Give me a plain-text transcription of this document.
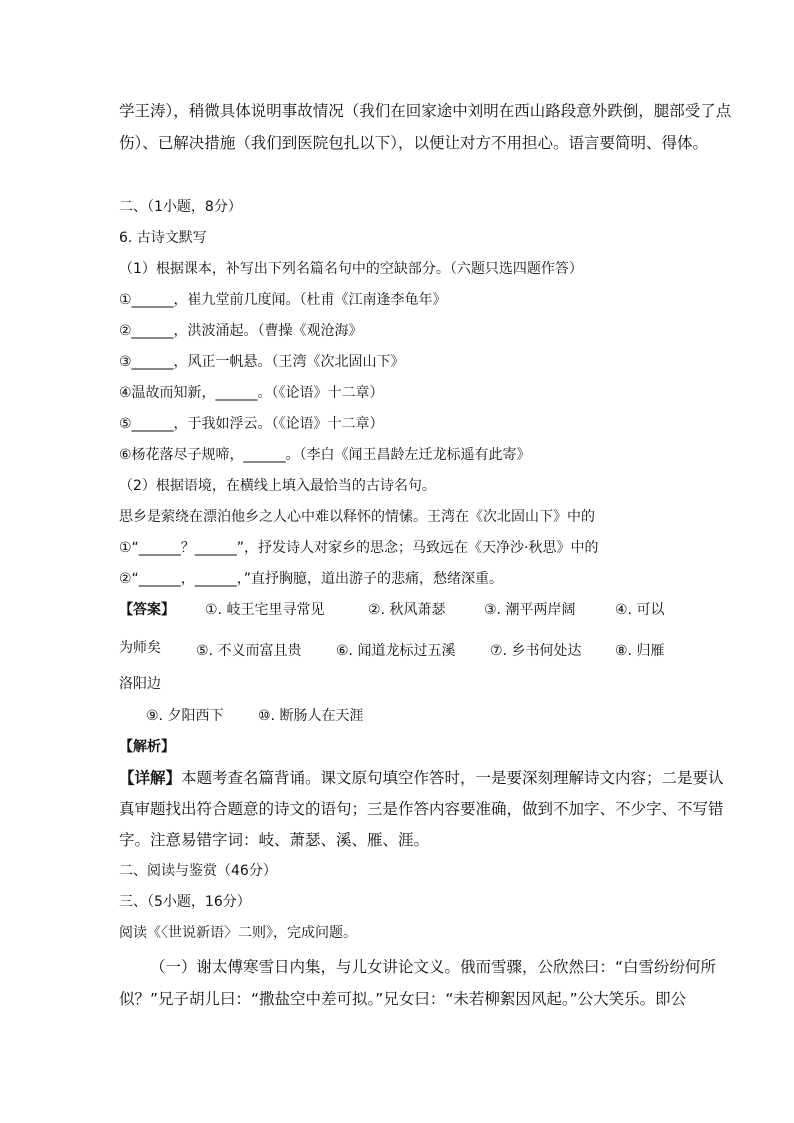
学王涛），稍微具体说明事故情况（我们在回家途中刘明在西山路段意外跌倒，腿部受了点
伤）、已解决措施（我们到医院包扎以下），以便让对方不用担心。语言要简明、得体。
二、（1小题，8分）
6. 古诗文默写
（1）根据课本，补写出下列名篇名句中的空缺部分。（六题只选四题作答）
①______，崔九堂前几度闻。（杜甫《江南逢李龟年》
②______，洪波涌起。（曹操《观沧海》
③______，风正一帆悬。（王湾《次北固山下》
④温故而知新，______。（《论语》十二章）
⑤______，于我如浮云。（《论语》十二章）
⑥杨花落尽子规啼，______。（李白《闻王昌龄左迁龙标遥有此寄》
（2）根据语境，在横线上填入最恰当的古诗名句。
思乡是萦绕在漂泊他乡之人心中难以释怀的情愫。王湾在《次北固山下》中的
①“______？______”，抒发诗人对家乡的思念；马致远在《天净沙·秋思》中的
②“______，______，”直抒胸臆，道出游子的悲痛，愁绪深重。
【答案】 ①. 岐王宅里寻常见	②. 秋风萧瑟	③. 潮平两岸阔	④. 可以
为师矣	⑤. 不义而富且贵 ⑥. 闻道龙标过五溪 ⑦. 乡书何处达 ⑧. 归雁
洛阳边
⑨. 夕阳西下 ⑩. 断肠人在天涯
【解析】
【详解】本题考查名篇背诵。课文原句填空作答时，一是要深刻理解诗文内容；二是要认
真审题找出符合题意的诗文的语句；三是作答内容要准确，做到不加字、不少字、不写错
字。注意易错字词：岐、萧瑟、溪、雁、涯。
二、阅读与鉴赏（46分）
三、（5小题，16分）
阅读《〈世说新语〉二则》，完成问题。
（一）谢太傅寒雪日内集，与儿女讲论文义。俄而雪骤，公欣然曰：“白雪纷纷何所
似？”兄子胡儿曰：“撒盐空中差可拟。”兄女曰：“未若柳絮因风起。”公大笑乐。即公
